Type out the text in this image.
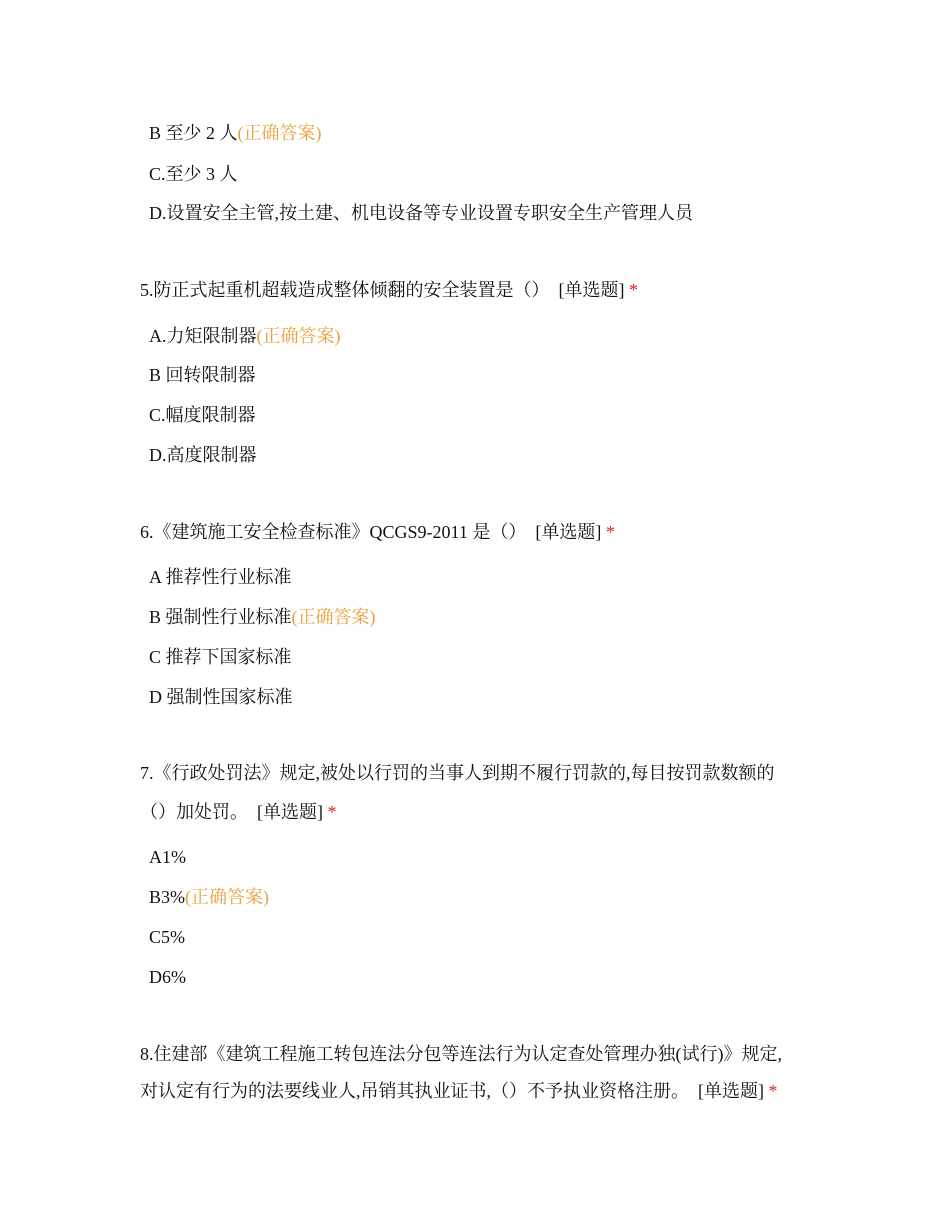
B 至少 2 人(正确答案)
C.至少 3 人
D.设置安全主管,按土建、机电设备等专业设置专职安全生产管理人员
5.防正式起重机超载造成整体倾翻的安全装置是（） [单选题] *
A.力矩限制器(正确答案)
B 回转限制器
C.幅度限制器
D.高度限制器
6.《建筑施工安全检查标准》QCGS9-2011 是（） [单选题] *
A 推荐性行业标准
B 强制性行业标准(正确答案)
C 推荐下国家标准
D 强制性国家标准
7.《行政处罚法》规定,被处以行罚的当事人到期不履行罚款的,每目按罚款数额的
（）加处罚。 [单选题] *
A1%
B3%(正确答案)
C5%
D6%
8.住建部《建筑工程施工转包连法分包等连法行为认定查处管理办独(试行)》规定,
对认定有行为的法要线业人,吊销其执业证书,（）不予执业资格注册。 [单选题] *
